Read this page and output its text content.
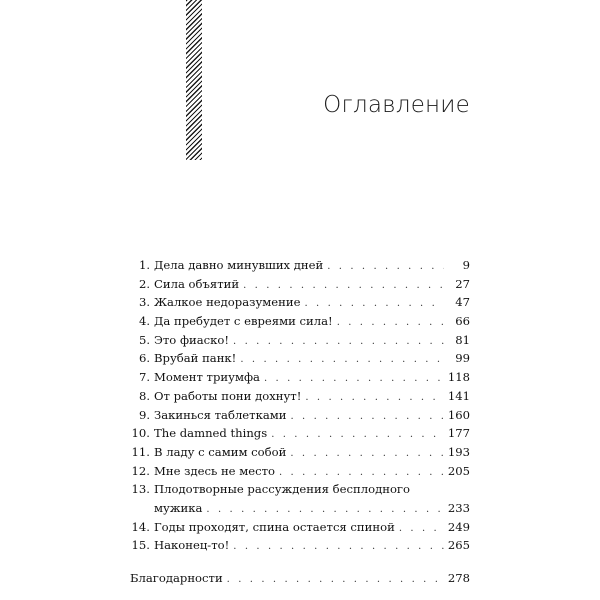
Оглавление
1. Дела давно минувших дней . . .	9
2. Сила объятий . . .	27
3. Жалкое недоразумение . . .	47
4. Да пребудет с евреями сила! . . .	66
5. Это фиаско! . . .	81
6. Врубай панк! . . .	99
7. Момент триумфа . . .	118
8. От работы пони дохнут! . . .	141
9. Закинься таблетками . . .	160
10. The damned things . . .	177
11. В ладу с самим собой . . .	193
12. Мне здесь не место . . .	205
13. Плодотворные рассуждения бесплодного
мужика . . .	233
14. Годы проходят, спина остается спиной . . .	249
15. Наконец-то! . . .	265
Благодарности . . .	278
